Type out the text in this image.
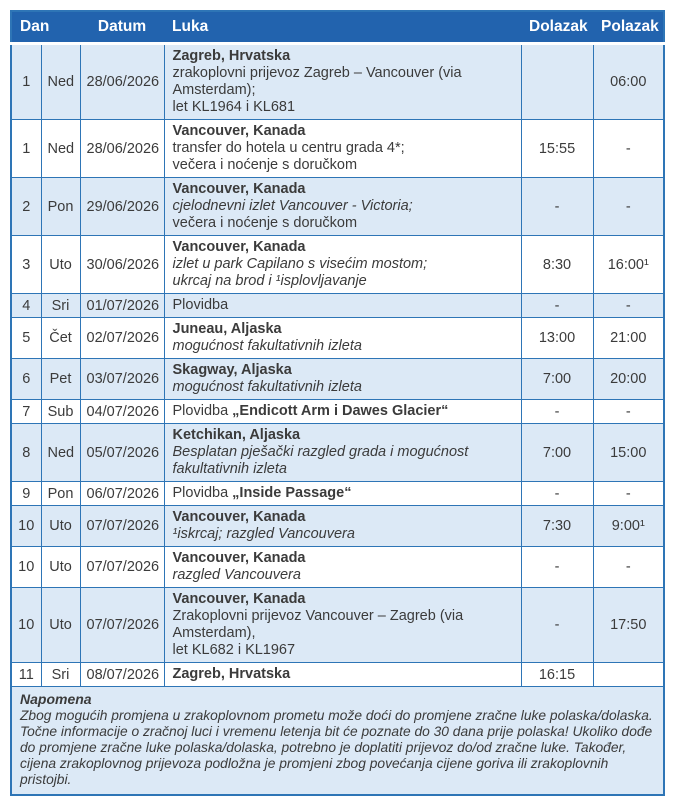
Dan		Datum	Luka	Dolazak	Polazak
1	Ned	28/06/2026	Zagreb, Hrvatska
zrakoplovni prijevoz Zagreb – Vancouver (via Amsterdam);
let KL1964 i KL681		06:00
1	Ned	28/06/2026	Vancouver, Kanada
transfer do hotela u centru grada 4*;
večera i noćenje s doručkom	15:55	-
2	Pon	29/06/2026	Vancouver, Kanada
cjelodnevni izlet Vancouver - Victoria;
večera i noćenje s doručkom	-	-
3	Uto	30/06/2026	Vancouver, Kanada
izlet u park Capilano s visećim mostom;
ukrcaj na brod i ¹isplovljavanje	8:30	16:00¹
4	Sri	01/07/2026	Plovidba	-	-
5	Čet	02/07/2026	Juneau, Aljaska
mogućnost fakultativnih izleta	13:00	21:00
6	Pet	03/07/2026	Skagway, Aljaska
mogućnost fakultativnih izleta	7:00	20:00
7	Sub	04/07/2026	Plovidba „Endicott Arm i Dawes Glacier“	-	-
8	Ned	05/07/2026	Ketchikan, Aljaska
Besplatan pješački razgled grada i mogućnost fakultativnih izleta	7:00	15:00
9	Pon	06/07/2026	Plovidba „Inside Passage“	-	-
10	Uto	07/07/2026	Vancouver, Kanada
¹iskrcaj; razgled Vancouvera	7:30	9:00¹
10	Uto	07/07/2026	Vancouver, Kanada
razgled Vancouvera	-	-
10	Uto	07/07/2026	Vancouver, Kanada
Zrakoplovni prijevoz Vancouver – Zagreb (via Amsterdam),
let KL682 i KL1967	-	17:50
11	Sri	08/07/2026	Zagreb, Hrvatska	16:15	

Napomena
Zbog mogućih promjena u zrakoplovnom prometu može doći do promjene zračne luke polaska/dolaska. Točne informacije o zračnoj luci i vremenu letenja bit će poznate do 30 dana prije polaska! Ukoliko dođe do promjene zračne luke polaska/dolaska, potrebno je doplatiti prijevoz do/od zračne luke. Također, cijena zrakoplovnog prijevoza podložna je promjeni zbog povećanja cijene goriva ili zrakoplovnih pristojbi.					
